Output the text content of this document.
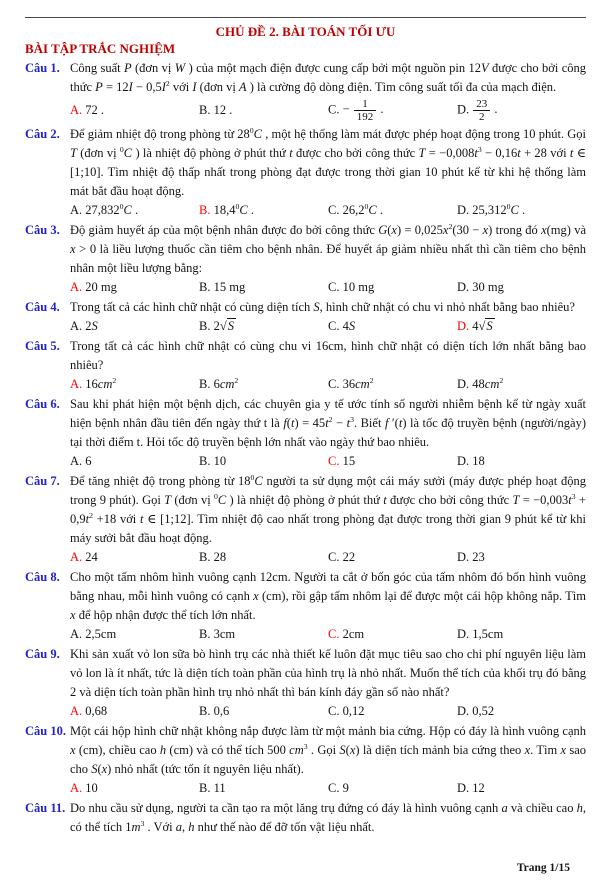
CHỦ ĐỀ 2. BÀI TOÁN TỐI ƯU
BÀI TẬP TRẮC NGHIỆM
Câu 1. Công suất P (đơn vị W ) của một mạch điện được cung cấp bởi một nguồn pin 12V được cho bởi công thức $P = 12I - 0,5I^2$ với I (đơn vị A ) là cường độ dòng điện. Tìm công suất tối đa của mạch điện.
A. 72 .	B. 12 .	C. − $\frac{1}{192}$ .	D. $\frac{23}{2}$ .
Câu 2. Để giảm nhiệt độ trong phòng từ $28^0C$ , một hệ thống làm mát được phép hoạt động trong 10 phút. Gọi T (đơn vị $^0$C ) là nhiệt độ phòng ở phút thứ t được cho bởi công thức $T = -0,008t^3 - 0,16t + 28$ với t ∈ [1;10]. Tìm nhiệt độ thấp nhất trong phòng đạt được trong thời gian 10 phút kể từ khi hệ thống làm mát bắt đầu hoạt động.
A. 27,832$^0$C .	B. 18,4$^0$C .	C. 26,2$^0$C .	D. 25,312$^0$C .
Câu 3. Độ giảm huyết áp của một bệnh nhân được đo bởi công thức $G(x) = 0,025x^2(30 - x)$ trong đó x(mg) và x > 0 là liều lượng thuốc cần tiêm cho bệnh nhân. Để huyết áp giảm nhiều nhất thì cần tiêm cho bệnh nhân một liều lượng bằng:
A. 20 mg	B. 15 mg	C. 10 mg	D. 30 mg
Câu 4. Trong tất cả các hình chữ nhật có cùng diện tích S, hình chữ nhật có chu vi nhỏ nhất bằng bao nhiêu?
A. 2S	B. 2√S	C. 4S	D. 4√S
Câu 5. Trong tất cả các hình chữ nhật có cùng chu vi 16cm, hình chữ nhật có diện tích lớn nhất bằng bao nhiêu?
A. $16cm^2$	B. $6cm^2$	C. $36cm^2$	D. $48cm^2$
Câu 6. Sau khi phát hiện một bệnh dịch, các chuyên gia y tế ước tính số người nhiễm bệnh kể từ ngày xuất hiện bệnh nhân đầu tiên đến ngày thứ t là $f(t) = 45t^2 - t^3$. Biết f ′(t) là tốc độ truyền bệnh (người/ngày) tại thời điểm t. Hỏi tốc độ truyền bệnh lớn nhất vào ngày thứ bao nhiêu.
A. 6	B. 10	C. 15	D. 18
Câu 7. Để tăng nhiệt độ trong phòng từ $18^0C$ người ta sử dụng một cái máy sưởi (máy được phép hoạt động trong 9 phút). Gọi T (đơn vị $^0$C ) là nhiệt độ phòng ở phút thứ t được cho bởi công thức $T = -0,003t^3 + 0,9t^2 +18$ với t ∈ [1;12]. Tìm nhiệt độ cao nhất trong phòng đạt được trong thời gian 9 phút kể từ khi máy sưởi bắt đầu hoạt động.
A. 24	B. 28	C. 22	D. 23
Câu 8. Cho một tấm nhôm hình vuông cạnh 12cm. Người ta cắt ở bốn góc của tấm nhôm đó bốn hình vuông bằng nhau, mỗi hình vuông có cạnh x (cm), rồi gập tấm nhôm lại để được một cái hộp không nắp. Tìm x để hộp nhận được thể tích lớn nhất.
A. 2,5cm	B. 3cm	C. 2cm	D. 1,5cm
Câu 9. Khi sản xuất vỏ lon sữa bò hình trụ các nhà thiết kế luôn đặt mục tiêu sao cho chi phí nguyên liệu làm vỏ lon là ít nhất, tức là diện tích toàn phần của hình trụ là nhỏ nhất. Muốn thể tích của khối trụ đó bằng 2 và diện tích toàn phần hình trụ nhỏ nhất thì bán kính đáy gần số nào nhất?
A. 0,68	B. 0,6	C. 0,12	D. 0,52
Câu 10. Một cái hộp hình chữ nhật không nắp được làm từ một mảnh bia cứng. Hộp có đáy là hình vuông cạnh x (cm), chiều cao h (cm) và có thể tích 500 $cm^3$ . Gọi S(x) là diện tích mảnh bia cứng theo x. Tìm x sao cho S(x) nhỏ nhất (tức tốn ít nguyên liệu nhất).
A. 10	B. 11	C. 9	D. 12
Câu 11. Do nhu cầu sử dụng, người ta cần tạo ra một lăng trụ đứng có đáy là hình vuông cạnh a và chiều cao h, có thể tích $1m^3$ . Với a, h như thế nào để đỡ tốn vật liệu nhất.
Trang 1/15
